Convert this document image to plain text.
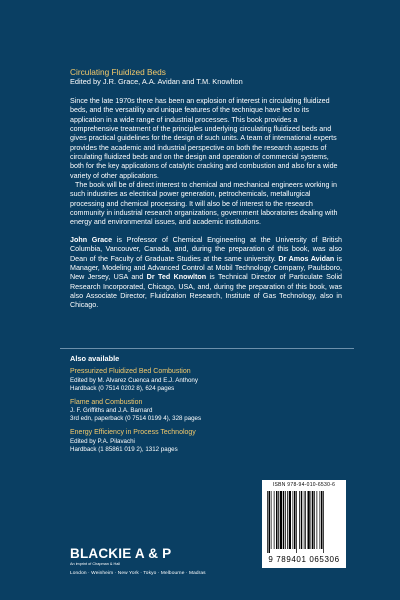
Circulating Fluidized Beds

Edited by J.R. Grace, A.A. Avidan and T.M. Knowlton

Since the late 1970s there has been an explosion of interest in circulating fluidized beds, and the versatility and unique features of the technique have led to its application in a wide range of industrial processes. This book provides a comprehensive treatment of the principles underlying circulating fluidized beds and gives practical guidelines for the design of such units. A team of international experts provides the academic and industrial perspective on both the research aspects of circulating fluidized beds and on the design and operation of commercial systems, both for the key applications of catalytic cracking and combustion and also for a wide variety of other applications.

The book will be of direct interest to chemical and mechanical engineers working in such industries as electrical power generation, petrochemicals, metallurgical processing and chemical processing. It will also be of interest to the research community in industrial research organizations, government laboratories dealing with energy and environmental issues, and academic institutions.

John Grace is Professor of Chemical Engineering at the University of British Columbia, Vancouver, Canada, and, during the preparation of this book, was also Dean of the Faculty of Graduate Studies at the same university. Dr Amos Avidan is Manager, Modeling and Advanced Control at Mobil Technology Company, Paulsboro, New Jersey, USA and Dr Ted Knowlton is Technical Director of Particulate Solid Research Incorporated, Chicago, USA, and, during the preparation of this book, was also Associate Director, Fluidization Research, Institute of Gas Technology, also in Chicago.
Also available
Pressurized Fluidized Bed Combustion
Edited by M. Alvarez Cuenca and E.J. Anthony
Hardback (0 7514 0202 8), 624 pages
Flame and Combustion
J. F. Griffiths and J.A. Barnard
3rd edn, paperback (0 7514 0199 4), 328 pages
Energy Efficiency in Process Technology
Edited by P.A. Pilavachi
Hardback (1 85861 019 2), 1312 pages
BLACKIE A & P
An imprint of Chapman & Hall
London · Weinheim · New York · Tokyo · Melbourne · Madras
ISBN 978-94-010-6530-6
9 789401 065306
